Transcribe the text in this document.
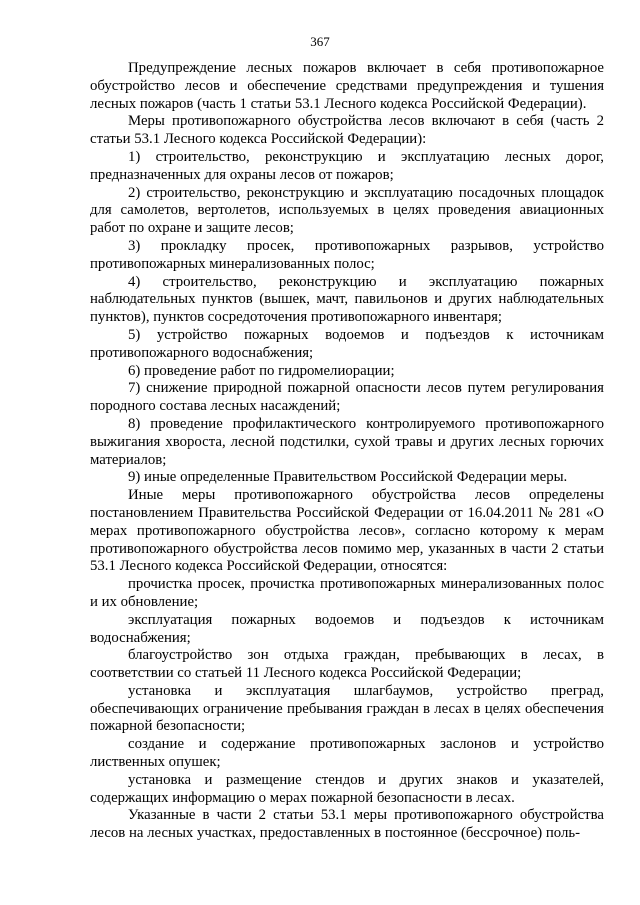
367

Предупреждение лесных пожаров включает в себя противопожарное обустройство лесов и обеспечение средствами предупреждения и тушения лесных пожаров (часть 1 статьи 53.1 Лесного кодекса Российской Федерации).

Меры противопожарного обустройства лесов включают в себя (часть 2 статьи 53.1 Лесного кодекса Российской Федерации):

1) строительство, реконструкцию и эксплуатацию лесных дорог, предназначенных для охраны лесов от пожаров;

2) строительство, реконструкцию и эксплуатацию посадочных площадок для самолетов, вертолетов, используемых в целях проведения авиационных работ по охране и защите лесов;

3) прокладку просек, противопожарных разрывов, устройство противопожарных минерализованных полос;

4) строительство, реконструкцию и эксплуатацию пожарных наблюдательных пунктов (вышек, мачт, павильонов и других наблюдательных пунктов), пунктов сосредоточения противопожарного инвентаря;

5) устройство пожарных водоемов и подъездов к источникам противопожарного водоснабжения;

6) проведение работ по гидромелиорации;

7) снижение природной пожарной опасности лесов путем регулирования породного состава лесных насаждений;

8) проведение профилактического контролируемого противопожарного выжигания хвороста, лесной подстилки, сухой травы и других лесных горючих материалов;

9) иные определенные Правительством Российской Федерации меры.

Иные меры противопожарного обустройства лесов определены постановлением Правительства Российской Федерации от 16.04.2011 № 281 «О мерах противопожарного обустройства лесов», согласно которому к мерам противопожарного обустройства лесов помимо мер, указанных в части 2 статьи 53.1 Лесного кодекса Российской Федерации, относятся:

прочистка просек, прочистка противопожарных минерализованных полос и их обновление;

эксплуатация пожарных водоемов и подъездов к источникам водоснабжения;

благоустройство зон отдыха граждан, пребывающих в лесах, в соответствии со статьей 11 Лесного кодекса Российской Федерации;

установка и эксплуатация шлагбаумов, устройство преград, обеспечивающих ограничение пребывания граждан в лесах в целях обеспечения пожарной безопасности;

создание и содержание противопожарных заслонов и устройство лиственных опушек;

установка и размещение стендов и других знаков и указателей, содержащих информацию о мерах пожарной безопасности в лесах.

Указанные в части 2 статьи 53.1 меры противопожарного обустройства лесов на лесных участках, предоставленных в постоянное (бессрочное) поль-
